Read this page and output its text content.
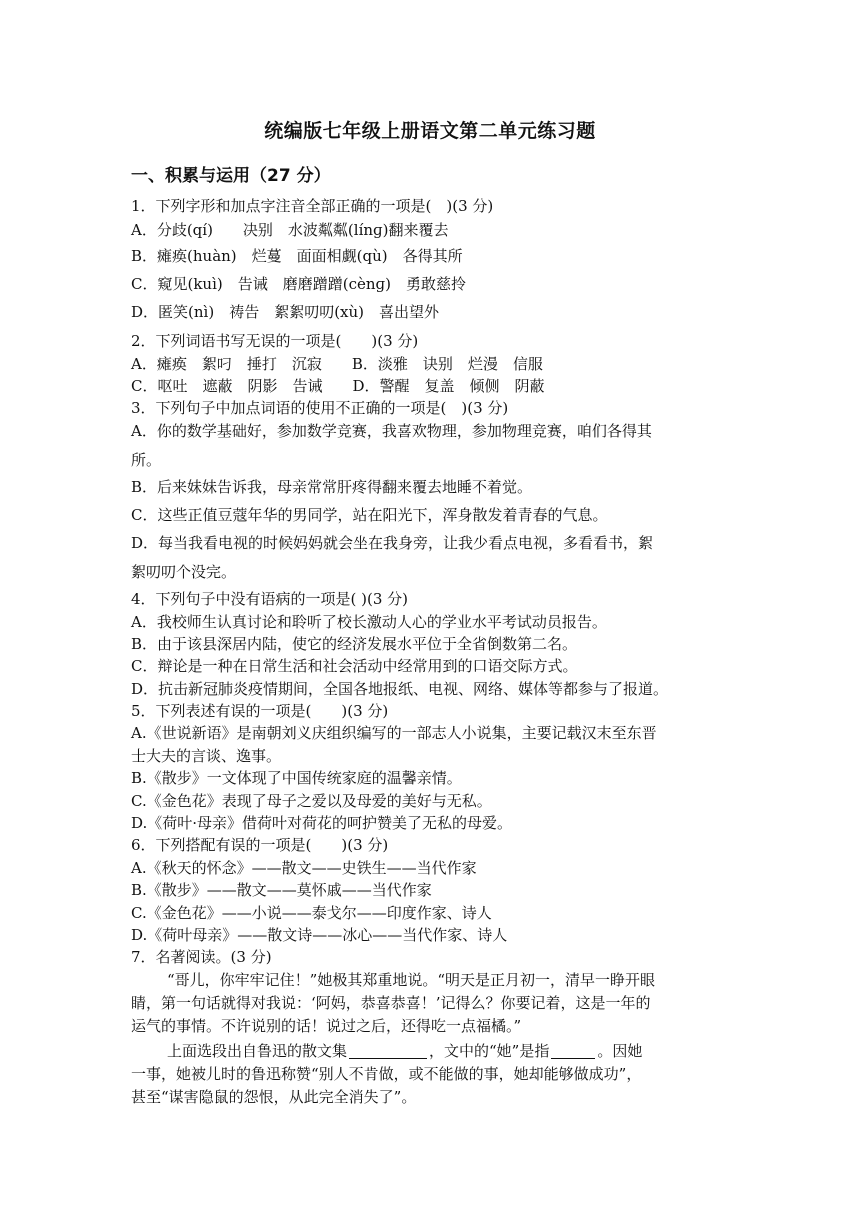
统编版七年级上册语文第二单元练习题
一、积累与运用（27 分）
1．下列字形和加点字注音全部正确的一项是(　)(3 分)
A．分歧(qí)　　决别　水波粼粼(línɡ)翻来覆去
B．瘫痪(huàn)　烂蔓　面面相觑(qù)　各得其所
C．窥见(kuì)　告诫　磨磨蹭蹭(cènɡ)　勇敢慈拎
D．匿笑(nì)　祷告　絮絮叨叨(xù)　喜出望外
2．下列词语书写无误的一项是(　　)(3 分)
A．瘫痪　絮叼　捶打　沉寂　　B．淡雅　诀别　烂漫　信服
C．呕吐　遮蔽　阴影　告诫　　D．警醒　复盖　倾侧　阴蔽
3．下列句子中加点词语的使用不正确的一项是(　)(3 分)
A．你的数学基础好，参加数学竞赛，我喜欢物理，参加物理竞赛，咱们各得其
所。
B．后来妹妹告诉我，母亲常常肝疼得翻来覆去地睡不着觉。
C．这些正值豆蔻年华的男同学，站在阳光下，浑身散发着青春的气息。
D．每当我看电视的时候妈妈就会坐在我身旁，让我少看点电视，多看看书，絮
絮叨叨个没完。
4．下列句子中没有语病的一项是( )(3 分)
A．我校师生认真讨论和聆听了校长激动人心的学业水平考试动员报告。
B．由于该县深居内陆，使它的经济发展水平位于全省倒数第二名。
C．辩论是一种在日常生活和社会活动中经常用到的口语交际方式。
D．抗击新冠肺炎疫情期间，全国各地报纸、电视、网络、媒体等都参与了报道。
5．下列表述有误的一项是(　　)(3 分)
A.《世说新语》是南朝刘义庆组织编写的一部志人小说集，主要记载汉末至东晋
士大夫的言谈、逸事。
B.《散步》一文体现了中国传统家庭的温馨亲情。
C.《金色花》表现了母子之爱以及母爱的美好与无私。
D.《荷叶·母亲》借荷叶对荷花的呵护赞美了无私的母爱。
6．下列搭配有误的一项是(　　)(3 分)
A.《秋天的怀念》——散文——史铁生——当代作家
B.《散步》——散文——莫怀戚——当代作家
C.《金色花》——小说——泰戈尔——印度作家、诗人
D.《荷叶母亲》——散文诗——冰心——当代作家、诗人
7．名著阅读。(3 分)
“哥儿，你牢牢记住！”她极其郑重地说。“明天是正月初一，清早一睁开眼
睛，第一句话就得对我说：‘阿妈，恭喜恭喜！’记得么？你要记着，这是一年的
运气的事情。不许说别的话！说过之后，还得吃一点福橘。”
上面选段出自鲁迅的散文集	，文中的“她”是指	。因她
一事，她被儿时的鲁迅称赞“别人不肯做，或不能做的事，她却能够做成功”，
甚至“谋害隐鼠的怨恨，从此完全消失了”。
